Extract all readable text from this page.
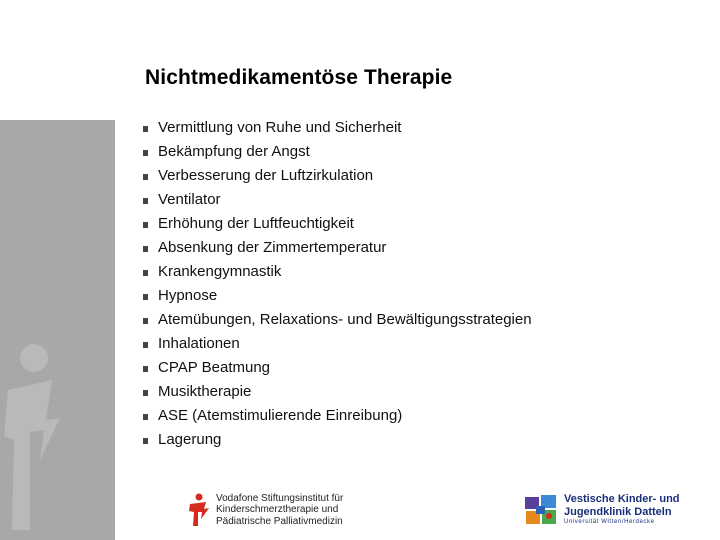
Nichtmedikamentöse Therapie
Vermittlung von Ruhe und Sicherheit
Bekämpfung der Angst
Verbesserung der Luftzirkulation
Ventilator
Erhöhung der Luftfeuchtigkeit
Absenkung der Zimmertemperatur
Krankengymnastik
Hypnose
Atemübungen, Relaxations- und Bewältigungsstrategien
Inhalationen
CPAP Beatmung
Musiktherapie
ASE (Atemstimulierende Einreibung)
Lagerung
Vodafone Stiftungsinstitut für
Kinderschmerztherapie und
Pädiatrische Palliativmedizin
Vestische Kinder- und
Jugendklinik Datteln
Universität Witten/Herdecke
